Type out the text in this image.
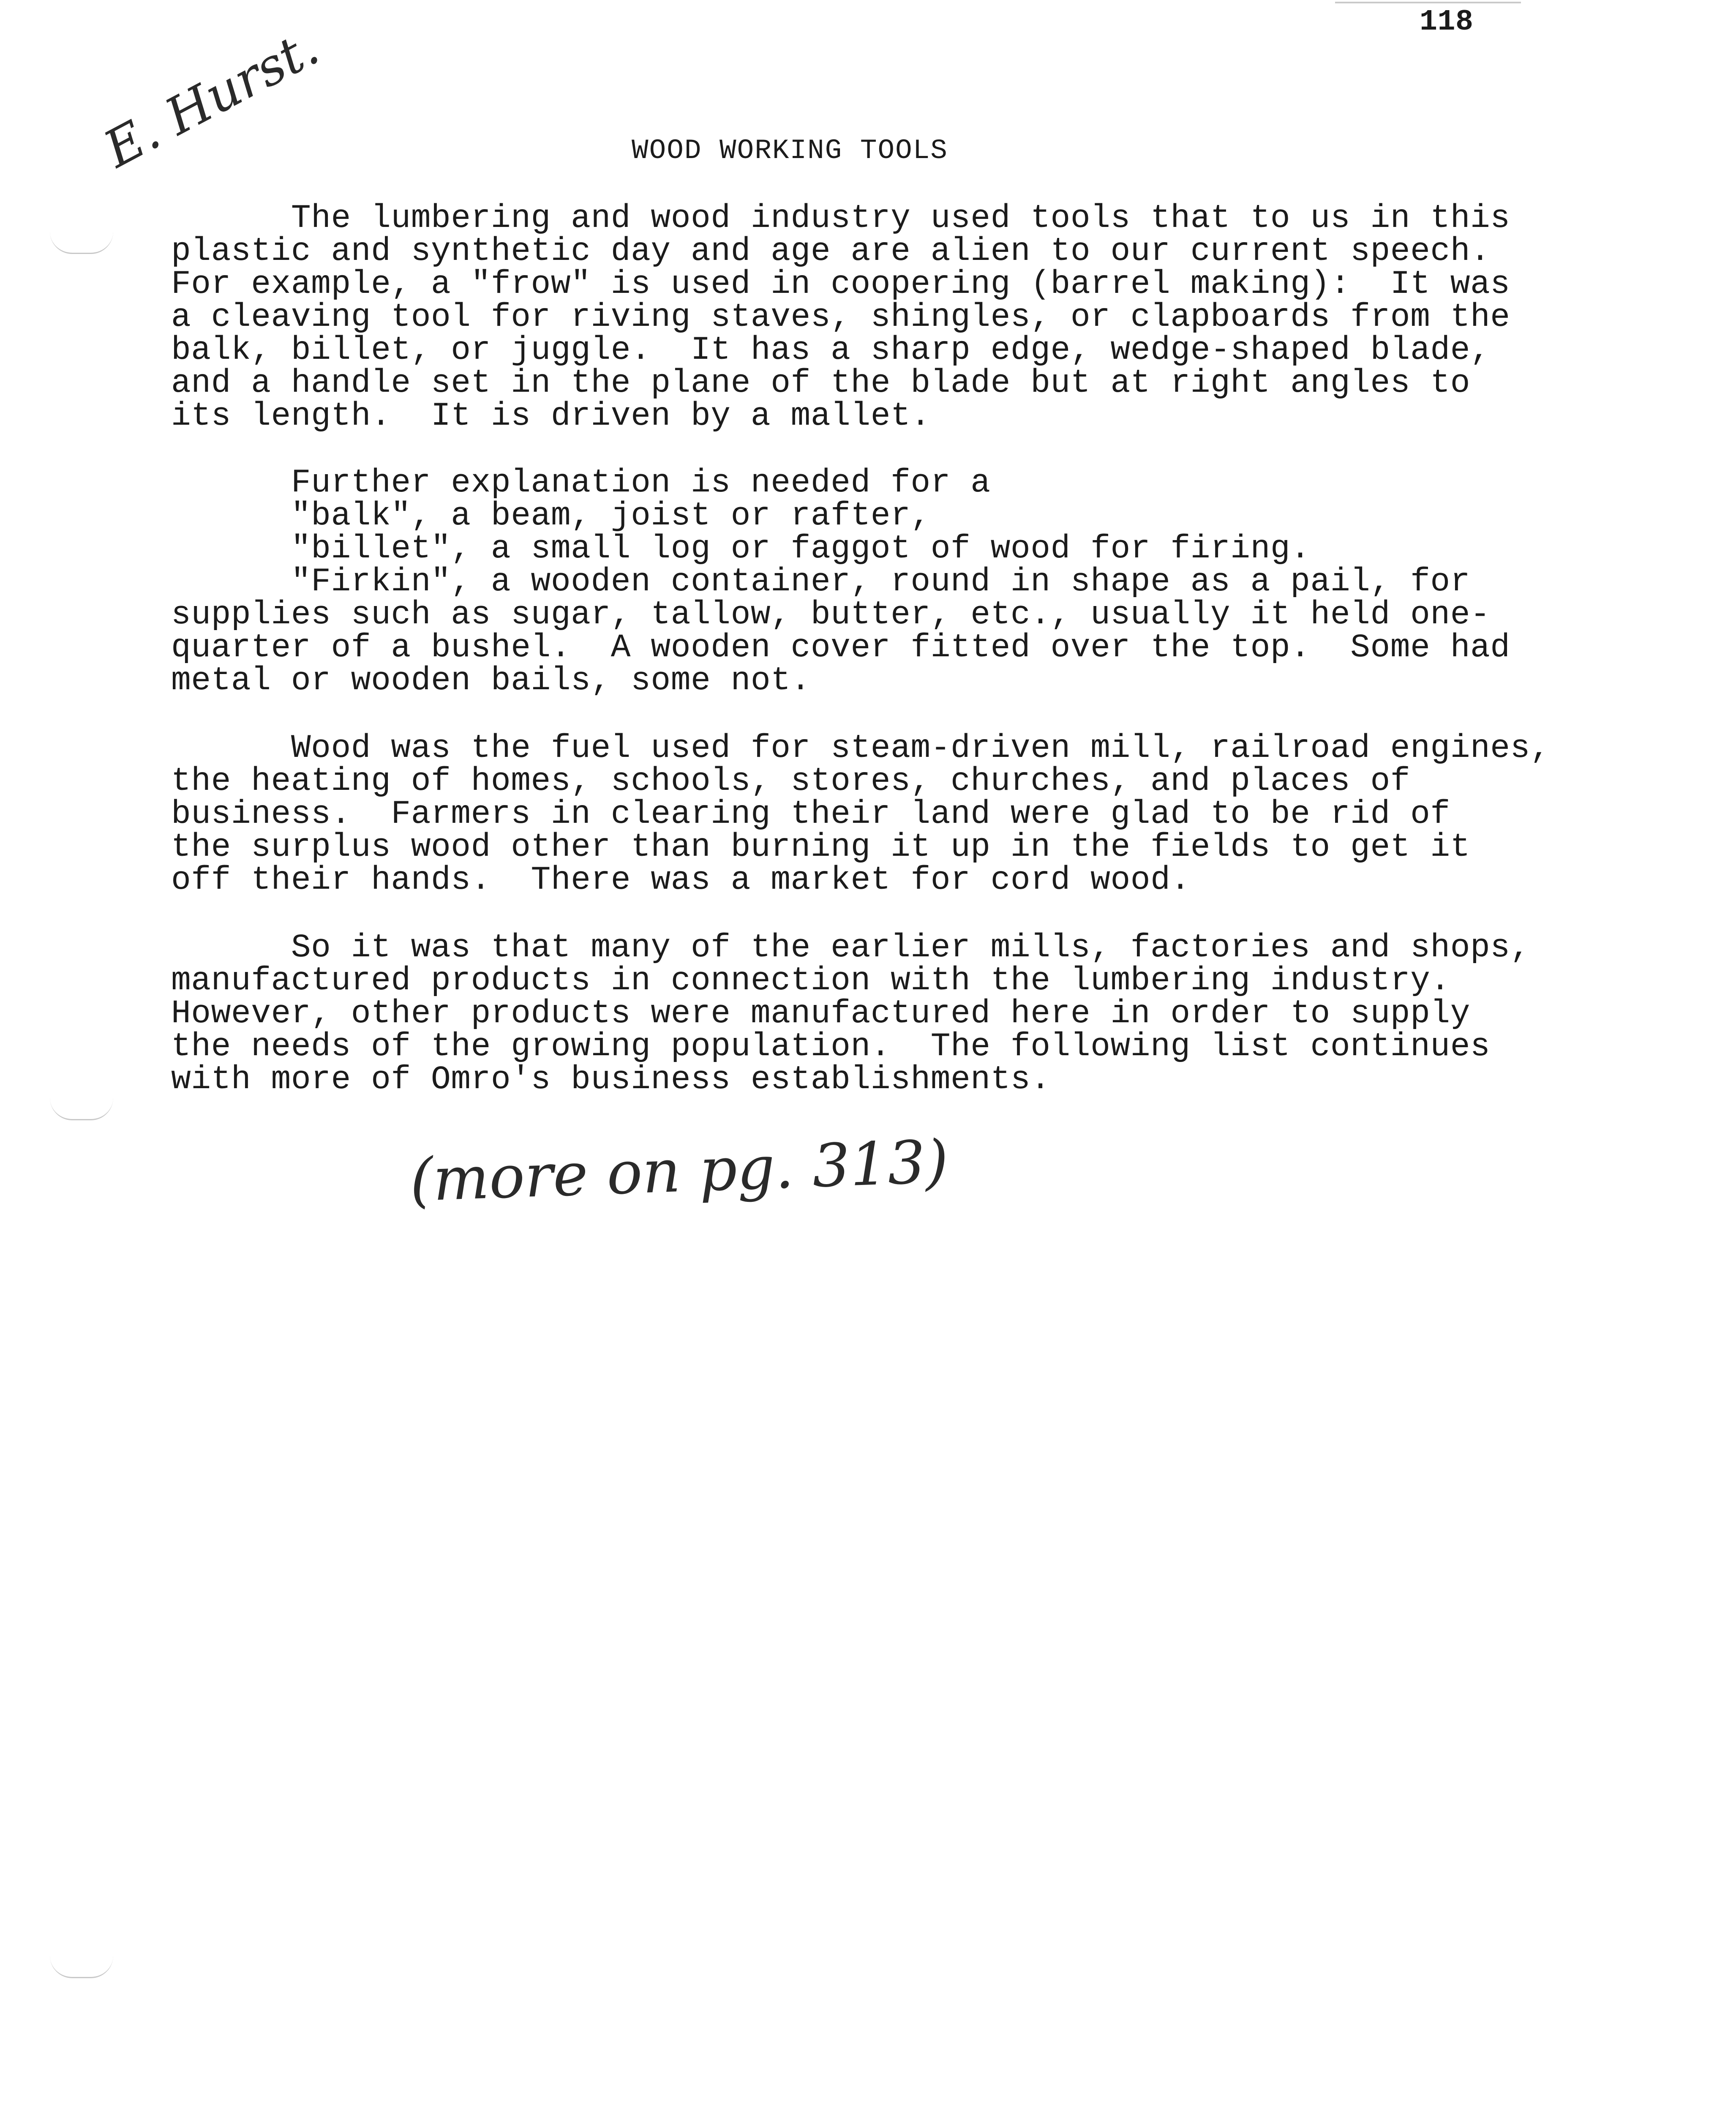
118
E. Hurst.	WOOD WORKING TOOLS
The lumbering and wood industry used tools that to us in this
plastic and synthetic day and age are alien to our current speech.
For example, a "frow" is used in coopering (barrel making):  It was
a cleaving tool for riving staves, shingles, or clapboards from the
balk, billet, or juggle.  It has a sharp edge, wedge-shaped blade,
and a handle set in the plane of the blade but at right angles to
its length.  It is driven by a mallet.
Further explanation is needed for a
"balk", a beam, joist or rafter,
"billet", a small log or faggot of wood for firing.
"Firkin", a wooden container, round in shape as a pail, for
supplies such as sugar, tallow, butter, etc., usually it held one-
quarter of a bushel.  A wooden cover fitted over the top.  Some had
metal or wooden bails, some not.
Wood was the fuel used for steam-driven mill, railroad engines,
the heating of homes, schools, stores, churches, and places of
business.  Farmers in clearing their land were glad to be rid of
the surplus wood other than burning it up in the fields to get it
off their hands.  There was a market for cord wood.
So it was that many of the earlier mills, factories and shops,
manufactured products in connection with the lumbering industry.
However, other products were manufactured here in order to supply
the needs of the growing population.  The following list continues
with more of Omro's business establishments.
(more on pg. 313)
